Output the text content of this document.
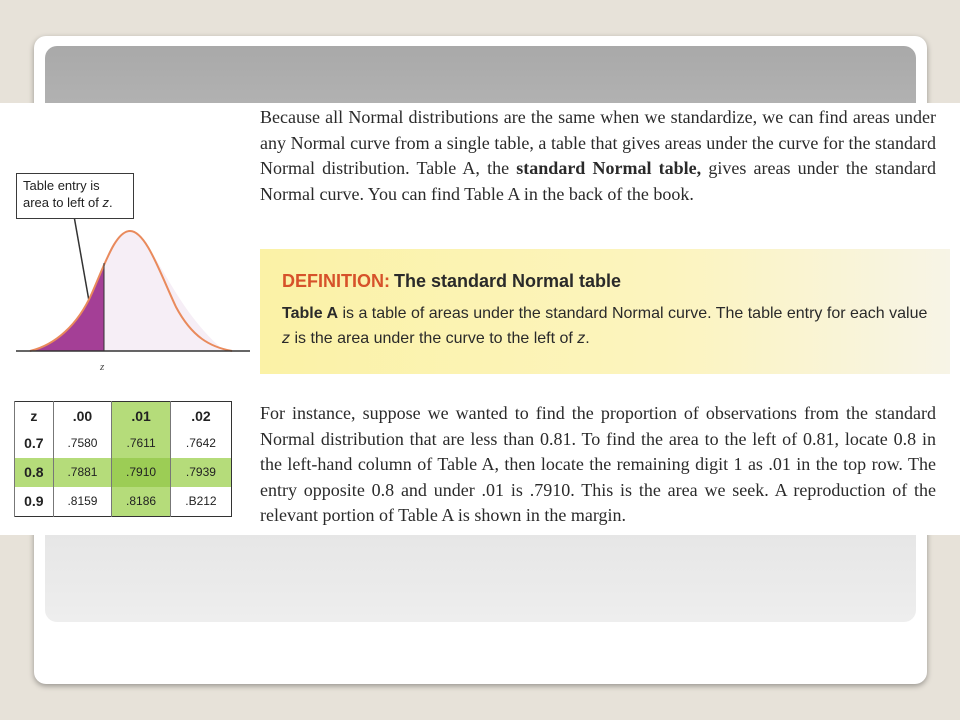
Table entry is
area to left of z.
z
z	.00	.01	.02
0.7	.7580	.7611	.7642
0.8	.7881	.7910	.7939
0.9	.8159	.8186	.B212
Because all Normal distributions are the same when we standardize, we can find areas under any Normal curve from a single table, a table that gives areas under the curve for the standard Normal distribution. Table A, the standard Normal table, gives areas under the standard Normal curve. You can find Table A in the back of the book.
DEFINITION: The standard Normal table
Table A is a table of areas under the standard Normal curve. The table entry for each value z is the area under the curve to the left of z.
For instance, suppose we wanted to find the proportion of observations from the standard Normal distribution that are less than 0.81. To find the area to the left of 0.81, locate 0.8 in the left-hand column of Table A, then locate the remaining digit 1 as .01 in the top row. The entry opposite 0.8 and under .01 is .7910. This is the area we seek. A reproduction of the relevant portion of Table A is shown in the margin.
